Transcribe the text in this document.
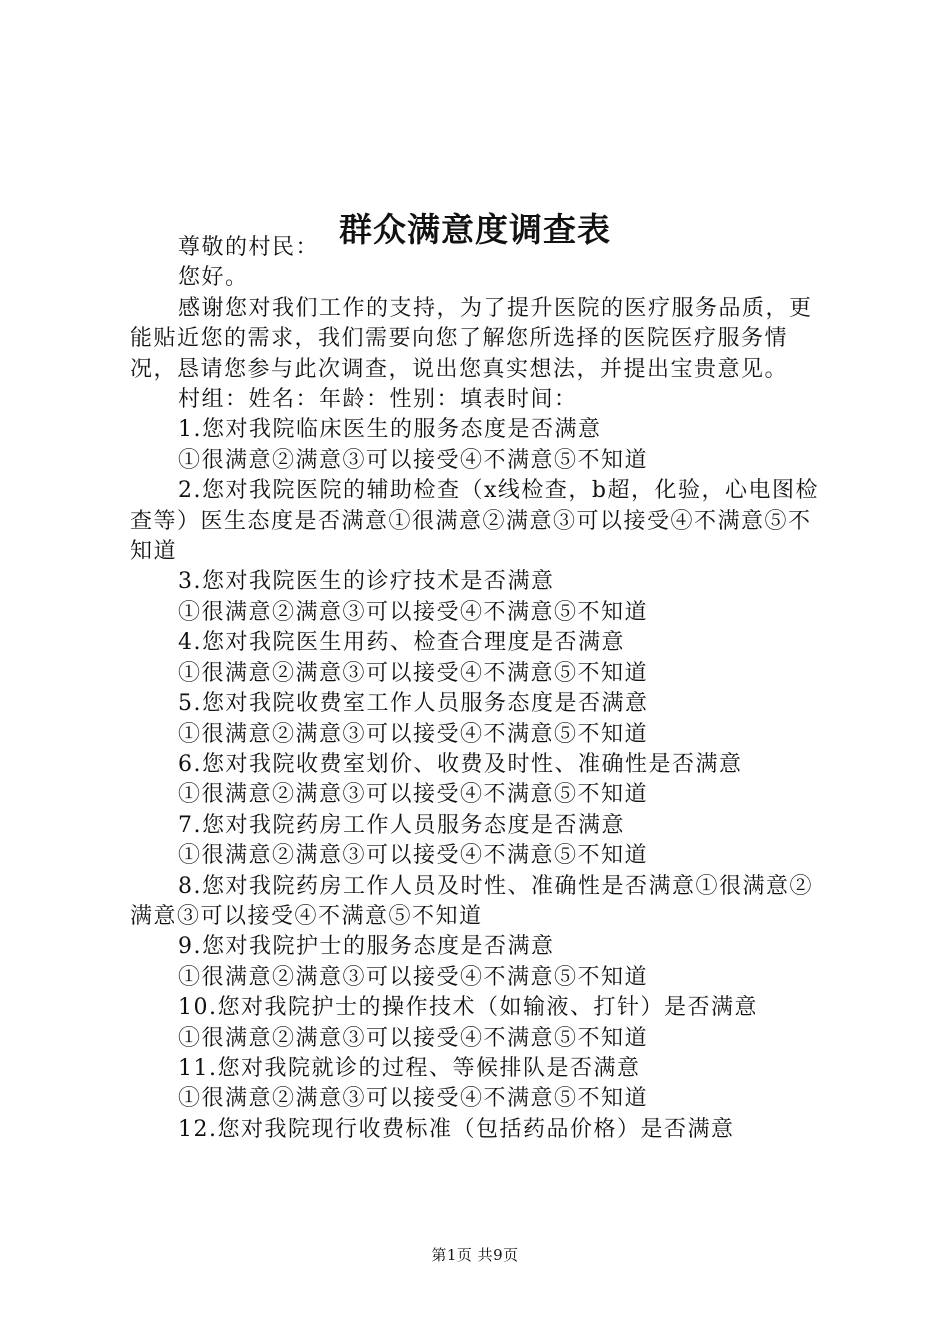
群众满意度调查表

尊敬的村民：

您好。

感谢您对我们工作的支持，为了提升医院的医疗服务品质，更能贴近您的需求，我们需要向您了解您所选择的医院医疗服务情况，恳请您参与此次调查，说出您真实想法，并提出宝贵意见。

村组：姓名：年龄：性别：填表时间：

1.您对我院临床医生的服务态度是否满意

①很满意②满意③可以接受④不满意⑤不知道

2.您对我院医院的辅助检查（x线检查，b超，化验，心电图检查等）医生态度是否满意①很满意②满意③可以接受④不满意⑤不知道

3.您对我院医生的诊疗技术是否满意

①很满意②满意③可以接受④不满意⑤不知道

4.您对我院医生用药、检查合理度是否满意

①很满意②满意③可以接受④不满意⑤不知道

5.您对我院收费室工作人员服务态度是否满意

①很满意②满意③可以接受④不满意⑤不知道

6.您对我院收费室划价、收费及时性、准确性是否满意

①很满意②满意③可以接受④不满意⑤不知道

7.您对我院药房工作人员服务态度是否满意

①很满意②满意③可以接受④不满意⑤不知道

8.您对我院药房工作人员及时性、准确性是否满意①很满意②满意③可以接受④不满意⑤不知道

9.您对我院护士的服务态度是否满意

①很满意②满意③可以接受④不满意⑤不知道

10.您对我院护士的操作技术（如输液、打针）是否满意

①很满意②满意③可以接受④不满意⑤不知道

11.您对我院就诊的过程、等候排队是否满意

①很满意②满意③可以接受④不满意⑤不知道

12.您对我院现行收费标准（包括药品价格）是否满意

第1页 共9页
